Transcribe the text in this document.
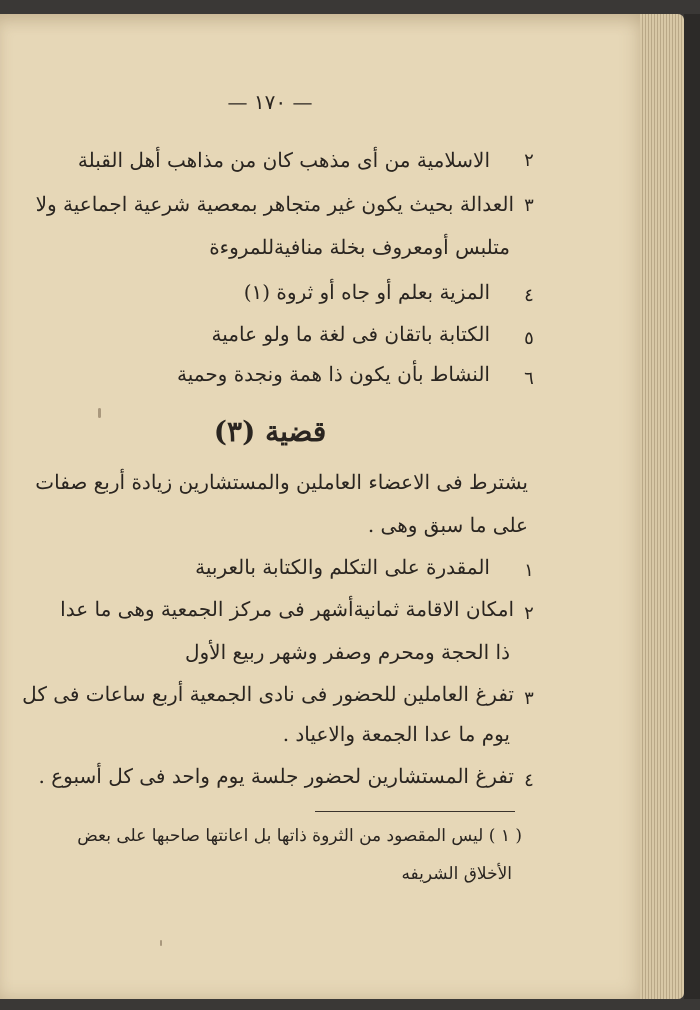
— ١٧٠ —
٢
الاسلامية من أى مذهب كان من مذاهب أهل القبلة
٣
العدالة بحيث يكون غير متجاهر بمعصية شرعية اجماعية ولا
متلبس أومعروف بخلة منافيةللمروءة
٤
المزية بعلم أو جاه أو ثروة (١)
٥
الكتابة باتقان فى لغة ما ولو عامية
٦
النشاط بأن يكون ذا همة ونجدة وحمية
قضية (٣)
يشترط فى الاعضاء العاملين والمستشارين زيادة أربع صفات
على ما سبق وهى .
١
المقدرة على التكلم والكتابة بالعربية
٢
امكان الاقامة ثمانيةأشهر فى مركز الجمعية وهى ما عدا
ذا الحجة ومحرم وصفر وشهر ربيع الأول
٣
تفرغ العاملين للحضور فى نادى الجمعية أربع ساعات فى كل
يوم ما عدا الجمعة والاعياد .
٤
تفرغ المستشارين لحضور جلسة يوم واحد فى كل أسبوع .
( ١ ) ليس المقصود من الثروة ذاتها بل اعانتها صاحبها على بعض
الأخلاق الشريفه
